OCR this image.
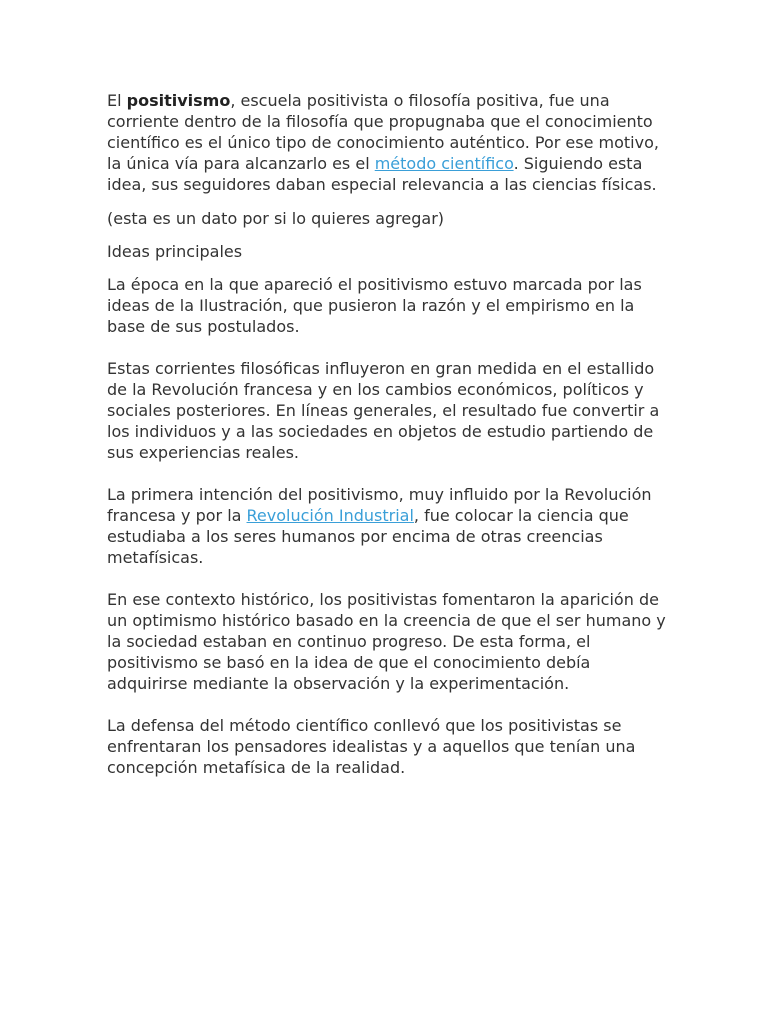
El positivismo, escuela positivista o filosofía positiva, fue una corriente dentro de la filosofía que propugnaba que el conocimiento científico es el único tipo de conocimiento auténtico. Por ese motivo, la única vía para alcanzarlo es el método científico. Siguiendo esta idea, sus seguidores daban especial relevancia a las ciencias físicas.

(esta es un dato por si lo quieres agregar)

Ideas principales

La época en la que apareció el positivismo estuvo marcada por las ideas de la Ilustración, que pusieron la razón y el empirismo en la base de sus postulados.

Estas corrientes filosóficas influyeron en gran medida en el estallido de la Revolución francesa y en los cambios económicos, políticos y sociales posteriores. En líneas generales, el resultado fue convertir a los individuos y a las sociedades en objetos de estudio partiendo de sus experiencias reales.

La primera intención del positivismo, muy influido por la Revolución francesa y por la Revolución Industrial, fue colocar la ciencia que estudiaba a los seres humanos por encima de otras creencias metafísicas.

En ese contexto histórico, los positivistas fomentaron la aparición de un optimismo histórico basado en la creencia de que el ser humano y la sociedad estaban en continuo progreso. De esta forma, el positivismo se basó en la idea de que el conocimiento debía adquirirse mediante la observación y la experimentación.

La defensa del método científico conllevó que los positivistas se enfrentaran los pensadores idealistas y a aquellos que tenían una concepción metafísica de la realidad.
